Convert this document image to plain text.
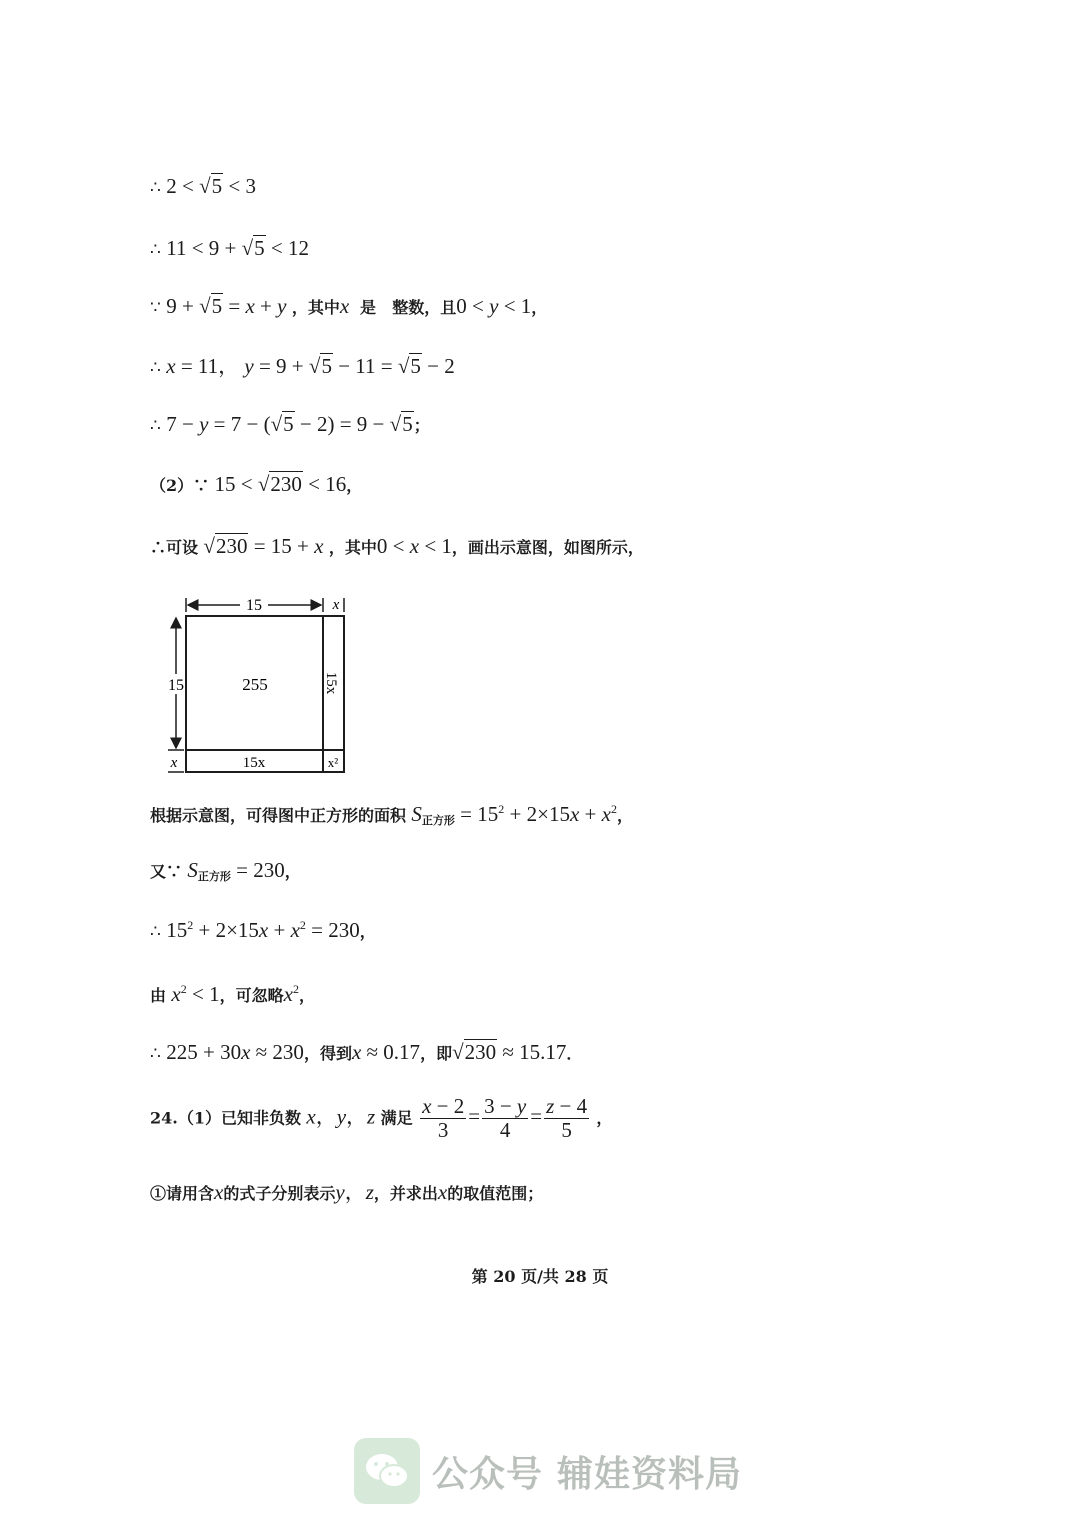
∴ 2 < √5 < 3
∴ 11 < 9 + √5 < 12
∵ 9 + √5 = x + y ，其中x 是 整数，且0 < y < 1，
∴ x = 11， y = 9 + √5 − 11 = √5 − 2
∴ 7 − y = 7 − (√5 − 2) = 9 − √5；
（2）∵ 15 < √230 < 16，
∴可设 √230 = 15 + x ，其中0 < x < 1，画出示意图，如图所示，
15	x
15	255	15x
x	15x	x²
根据示意图，可得图中正方形的面积 S正方形 = $15^2 + 2\times 15x + x^2$，
又∵ S正方形 = 230，
∴ $15^2 + 2\times 15x + x^2 = 230$，
由 $x^2 < 1$，可忽略$x^2$，
∴ 225 + 30x ≈ 230，得到x ≈ 0.17，即√230 ≈ 15.17．
24.（1）已知非负数 x，y，z 满足 $\frac{x - 2}{3} = \frac{3 - y}{4} = \frac{z - 4}{5}$ ，
①请用含x的式子分别表示y，z，并求出x的取值范围；
第 20 页/共 28 页
公众号 辅娃资料局
